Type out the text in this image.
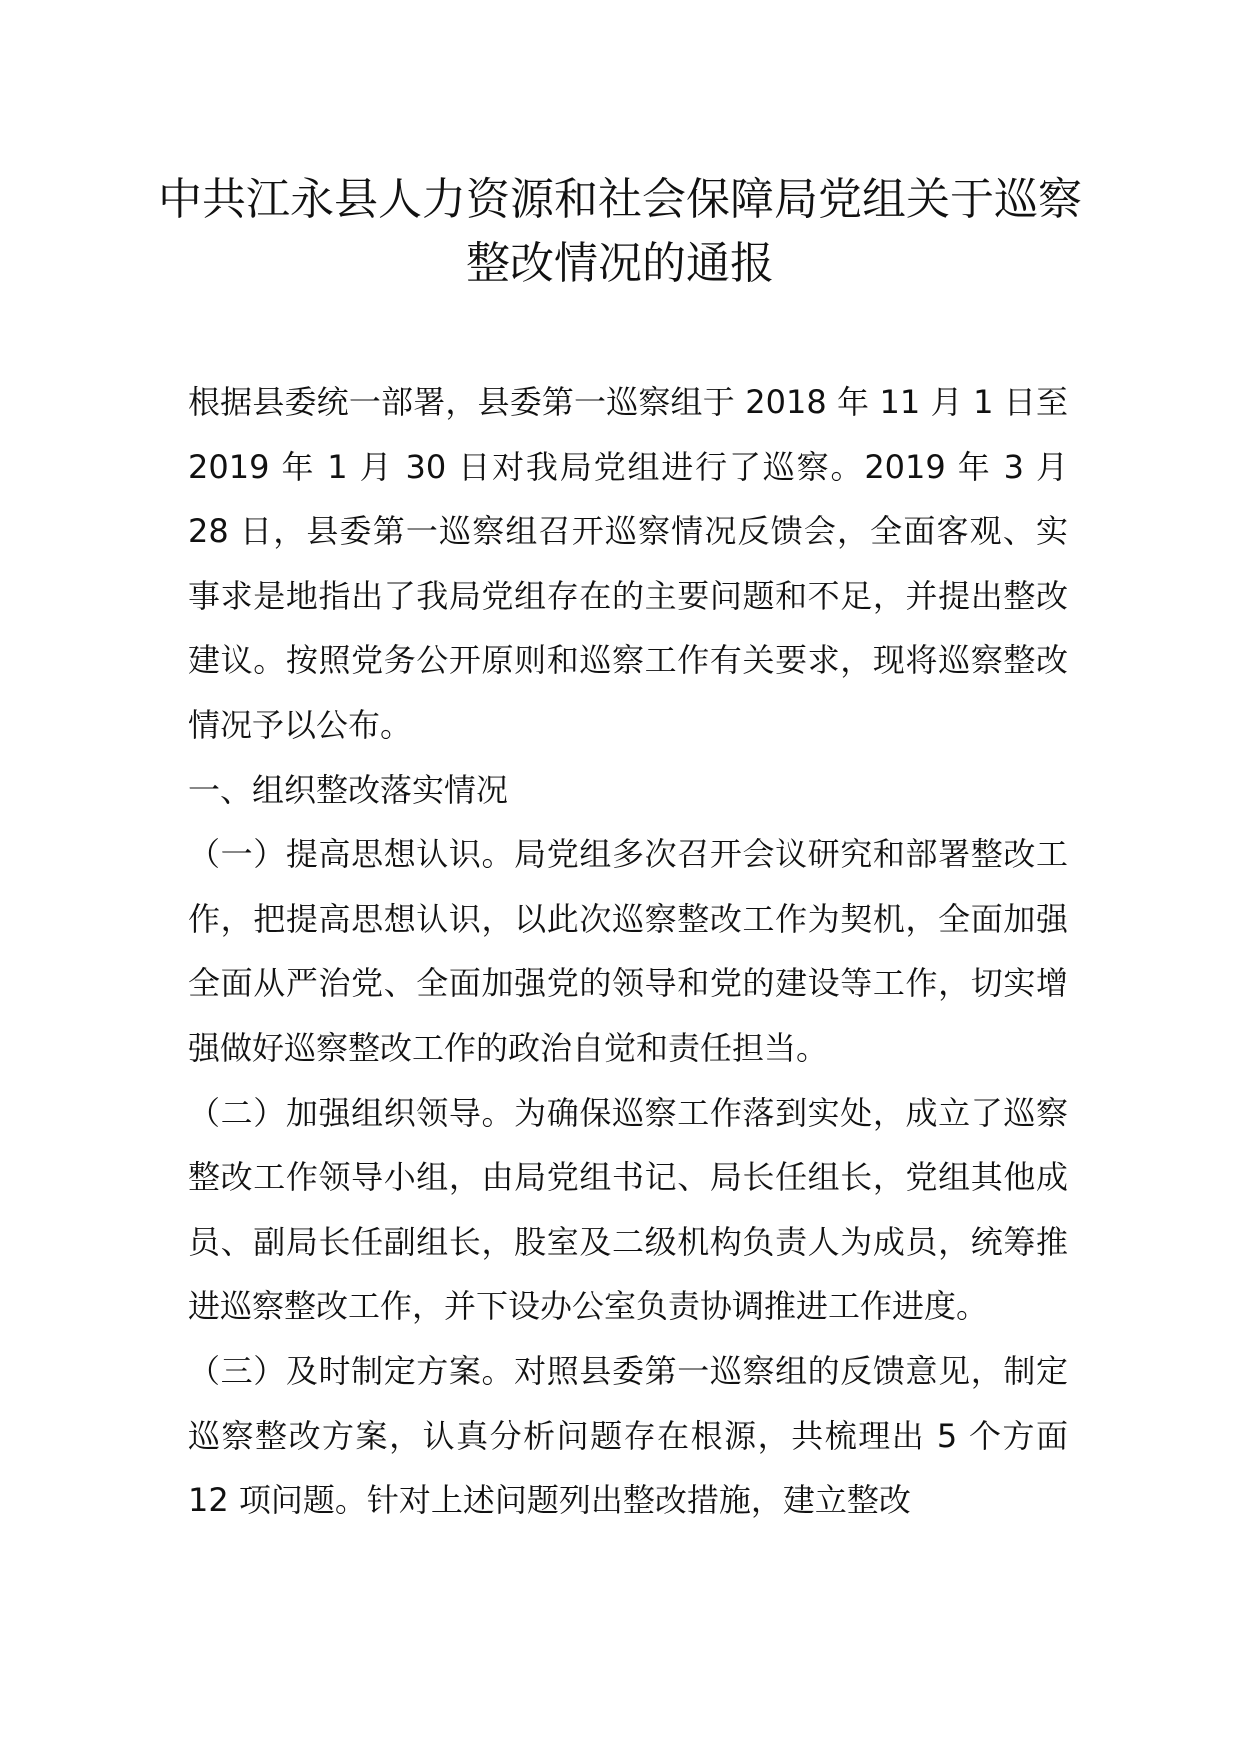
中共江永县人力资源和社会保障局党组关于巡察整改情况的通报

根据县委统一部署，县委第一巡察组于 2018 年 11 月 1 日至 2019 年 1 月 30 日对我局党组进行了巡察。2019 年 3 月 28 日，县委第一巡察组召开巡察情况反馈会，全面客观、实事求是地指出了我局党组存在的主要问题和不足，并提出整改建议。按照党务公开原则和巡察工作有关要求，现将巡察整改情况予以公布。

一、组织整改落实情况

（一）提高思想认识。局党组多次召开会议研究和部署整改工作，把提高思想认识，以此次巡察整改工作为契机，全面加强全面从严治党、全面加强党的领导和党的建设等工作，切实增强做好巡察整改工作的政治自觉和责任担当。

（二）加强组织领导。为确保巡察工作落到实处，成立了巡察整改工作领导小组，由局党组书记、局长任组长，党组其他成员、副局长任副组长，股室及二级机构负责人为成员，统筹推进巡察整改工作，并下设办公室负责协调推进工作进度。

（三）及时制定方案。对照县委第一巡察组的反馈意见，制定巡察整改方案，认真分析问题存在根源，共梳理出 5 个方面 12 项问题。针对上述问题列出整改措施，建立整改
